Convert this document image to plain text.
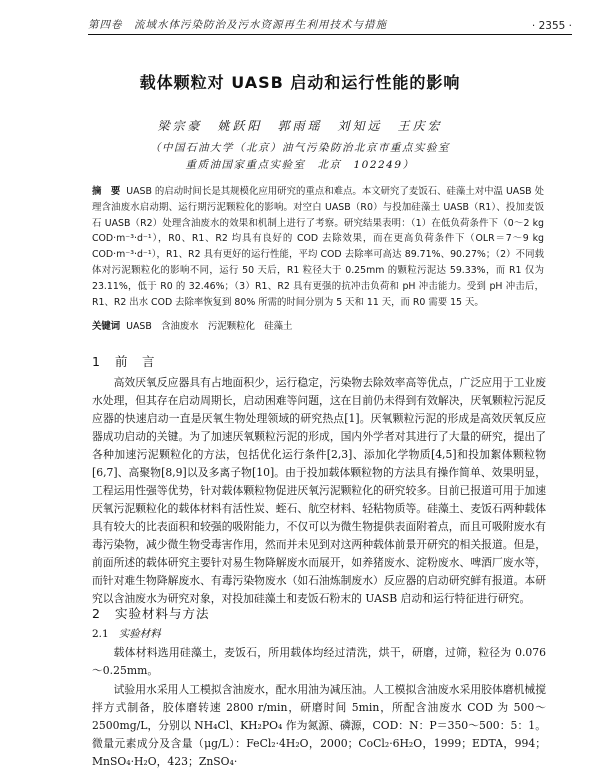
第四卷　流域水体污染防治及污水资源再生利用技术与措施	· 2355 ·
载体颗粒对 UASB 启动和运行性能的影响
梁宗豪　姚跃阳　郭雨瑶　刘知远　王庆宏
（中国石油大学（北京）油气污染防治北京市重点实验室
重质油国家重点实验室　北京　102249）
摘　要 UASB 的启动时间长是其规模化应用研究的重点和难点。本文研究了麦饭石、硅藻土对中温 UASB 处理含油废水启动期、运行期污泥颗粒化的影响。对空白 UASB（R0）与投加硅藻土 UASB（R1）、投加麦饭石 UASB（R2）处理含油废水的效果和机制上进行了考察。研究结果表明：（1）在低负荷条件下（0～2 kg COD·m⁻³·d⁻¹），R0、R1、R2 均具有良好的 COD 去除效果，而在更高负荷条件下（OLR＝7～9 kg COD·m⁻³·d⁻¹），R1、R2 具有更好的运行性能，平均 COD 去除率可高达 89.71%、90.27%；（2）不同载体对污泥颗粒化的影响不同，运行 50 天后，R1 粒径大于 0.25mm 的颗粒污泥达 59.33%，而 R1 仅为 23.11%，低于 R0 的 32.46%；（3）R1、R2 具有更强的抗冲击负荷和 pH 冲击能力。受到 pH 冲击后，R1、R2 出水 COD 去除率恢复到 80% 所需的时间分别为 5 天和 11 天，而 R0 需要 15 天。
关键词 UASB　含油废水　污泥颗粒化　硅藻土
1 前　言
高效厌氧反应器具有占地面积少，运行稳定，污染物去除效率高等优点，广泛应用于工业废水处理，但其存在启动周期长，启动困难等问题，这在目前仍未得到有效解决，厌氧颗粒污泥反应器的快速启动一直是厌氧生物处理领域的研究热点[1]。厌氧颗粒污泥的形成是高效厌氧反应器成功启动的关键。为了加速厌氧颗粒污泥的形成，国内外学者对其进行了大量的研究，提出了各种加速污泥颗粒化的方法，包括优化运行条件[2,3]、添加化学物质[4,5]和投加絮体颗粒物[6,7]、高聚物[8,9]以及多离子物[10]。由于投加载体颗粒物的方法具有操作简单、效果明显，工程运用性强等优势，针对载体颗粒物促进厌氧污泥颗粒化的研究较多。目前已报道可用于加速厌氧污泥颗粒化的载体材料有活性炭、蛭石、航空材料、轻粘物质等。硅藻土、麦饭石两种载体具有较大的比表面积和较强的吸附能力，不仅可以为微生物提供表面附着点，而且可吸附废水有毒污染物，减少微生物受毒害作用，然而并未见到对这两种载体前景开研究的相关报道。但是，前面所述的载体研究主要针对易生物降解废水而展开，如养猪废水、淀粉废水、啤酒厂废水等，而针对难生物降解废水、有毒污染物废水（如石油炼制废水）反应器的启动研究鲜有报道。本研究以含油废水为研究对象，对投加硅藻土和麦饭石粉末的 UASB 启动和运行特征进行研究。
2 实验材料与方法
2.1 实验材料
载体材料选用硅藻土，麦饭石，所用载体均经过清洗，烘干，研磨，过筛，粒径为 0.076～0.25mm。
试验用水采用人工模拟含油废水，配水用油为减压油。人工模拟含油废水采用胶体磨机械搅拌方式制备，胶体磨转速 2800 r/min，研磨时间 5min，所配含油废水 COD 为 500～2500mg/L，分别以 NH₄Cl、KH₂PO₄ 作为氮源、磷源，COD：N：P＝350～500：5：1。微量元素成分及含量（μg/L）：FeCl₂·4H₂O，2000；CoCl₂·6H₂O，1999；EDTA，994；MnSO₄·H₂O，423；ZnSO₄·
